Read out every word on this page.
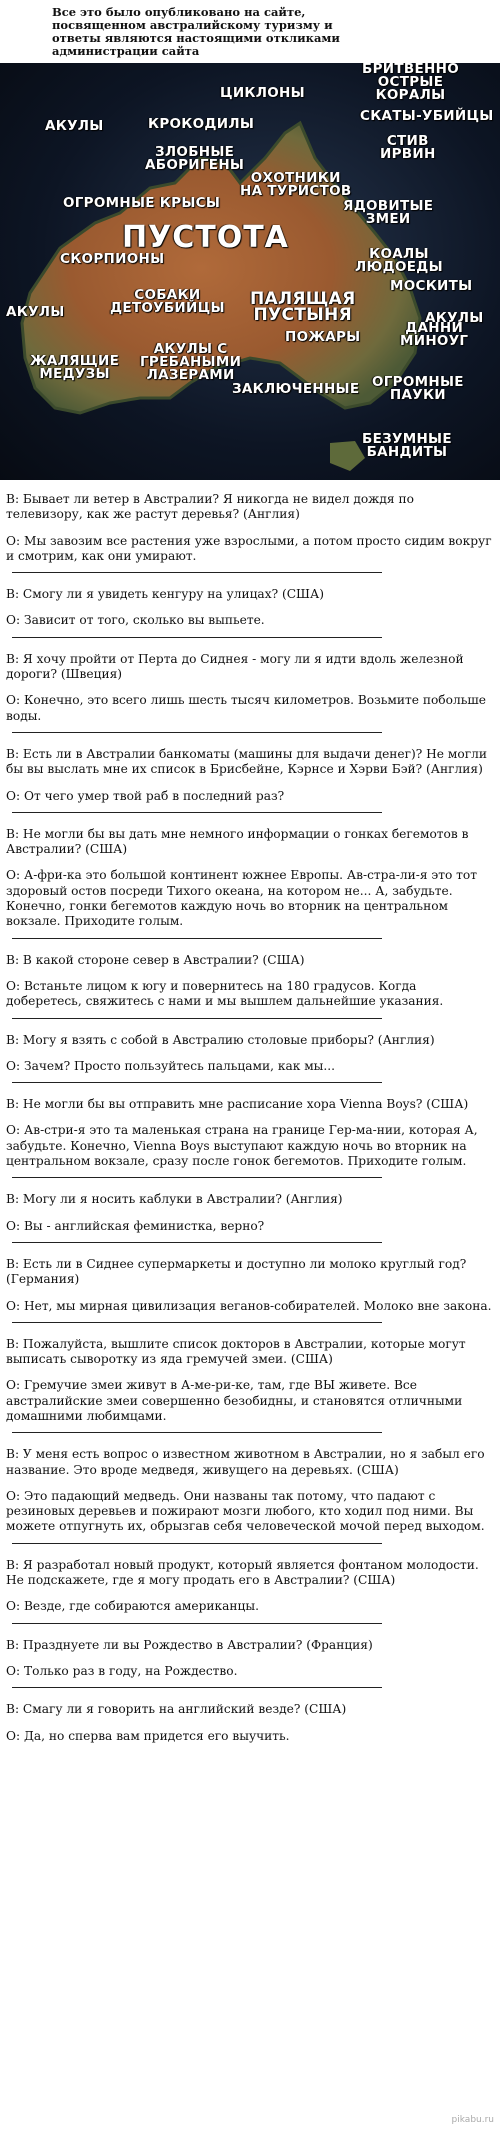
Все это было опубликовано на сайте, посвященном австралийскому туризму и ответы являются настоящими откликами администрации сайта
БРИТВЕННО
ОСТРЫЕ
КОРАЛЫ
ЦИКЛОНЫ
АКУЛЫ	КРОКОДИЛЫ	СКАТЫ-УБИЙЦЫ
ЗЛОБНЫЕ
АБОРИГЕНЫ
СТИВ
ИРВИН
ОХОТНИКИ
НА ТУРИСТОВ
ОГРОМНЫЕ КРЫСЫ	ЯДОВИТЫЕ
ЗМЕИ
ПУСТОТА
СКОРПИОНЫ	КОАЛЫ
ЛЮДОЕДЫ
МОСКИТЫ
СОБАКИ
ДЕТОУБИЙЦЫ ПАЛЯЩАЯ
ПУСТЫНЯ
АКУЛЫ	АКУЛЫ
ДАННИ
МИНОУГ
ПОЖАРЫ
АКУЛЫ С
ГРЕБАНЫМИ
ЛАЗЕРАМИ
ЖАЛЯЩИЕ
МЕДУЗЫ	ОГРОМНЫЕ
ПАУКИ
ЗАКЛЮЧЕННЫЕ
БЕЗУМНЫЕ
БАНДИТЫ

В: Бывает ли ветер в Австралии? Я никогда не видел дождя по телевизору, как же растут деревья? (Англия)

О: Мы завозим все растения уже взрослыми, а потом просто сидим вокруг и смотрим, как они умирают.

В: Смогу ли я увидеть кенгуру на улицах? (США)

О: Зависит от того, сколько вы выпьете.

В: Я хочу пройти от Перта до Сиднея - могу ли я идти вдоль железной дороги? (Швеция)

О: Конечно, это всего лишь шесть тысяч километров. Возьмите побольше воды.

В: Есть ли в Австралии банкоматы (машины для выдачи денег)? Не могли бы вы выслать мне их список в Брисбейне, Кэрнсе и Хэрви Бэй? (Англия)

О: От чего умер твой раб в последний раз?

В: Не могли бы вы дать мне немного информации о гонках бегемотов в Австралии? (США)

О: А-фри-ка это большой континент южнее Европы. Ав-стра-ли-я это тот здоровый остов посреди Тихого океана, на котором не... А, забудьте. Конечно, гонки бегемотов каждую ночь во вторник на центральном вокзале. Приходите голым.

В: В какой стороне север в Австралии? (США)

О: Встаньте лицом к югу и повернитесь на 180 градусов. Когда доберетесь, свяжитесь с нами и мы вышлем дальнейшие указания.

В: Могу я взять с собой в Австралию столовые приборы? (Англия)

О: Зачем? Просто пользуйтесь пальцами, как мы...

В: Не могли бы вы отправить мне расписание хора Vienna Boys? (США)

О: Ав-стри-я это та маленькая страна на границе Гер-ма-нии, которая А, забудьте. Конечно, Vienna Boys выступают каждую ночь во вторник на центральном вокзале, сразу после гонок бегемотов. Приходите голым.

В: Могу ли я носить каблуки в Австралии? (Англия)

О: Вы - английская феминистка, верно?

В: Есть ли в Сиднее супермаркеты и доступно ли молоко круглый год? (Германия)

О: Нет, мы мирная цивилизация веганов-собирателей. Молоко вне закона.

В: Пожалуйста, вышлите список докторов в Австралии, которые могут выписать сыворотку из яда гремучей змеи. (США)

О: Гремучие змеи живут в А-ме-ри-ке, там, где ВЫ живете. Все австралийские змеи совершенно безобидны, и становятся отличными домашними любимцами.

В: У меня есть вопрос о известном животном в Австралии, но я забыл его название. Это вроде медведя, живущего на деревьях. (США)

О: Это падающий медведь. Они названы так потому, что падают с резиновых деревьев и пожирают мозги любого, кто ходил под ними. Вы можете отпугнуть их, обрызгав себя человеческой мочой перед выходом.

В: Я разработал новый продукт, который является фонтаном молодости. Не подскажете, где я могу продать его в Австралии? (США)

О: Везде, где собираются американцы.

В: Празднуете ли вы Рождество в Австралии? (Франция)

О: Только раз в году, на Рождество.

В: Смагу ли я говорить на английский везде? (США)

О: Да, но сперва вам придется его выучить.

pikabu.ru
